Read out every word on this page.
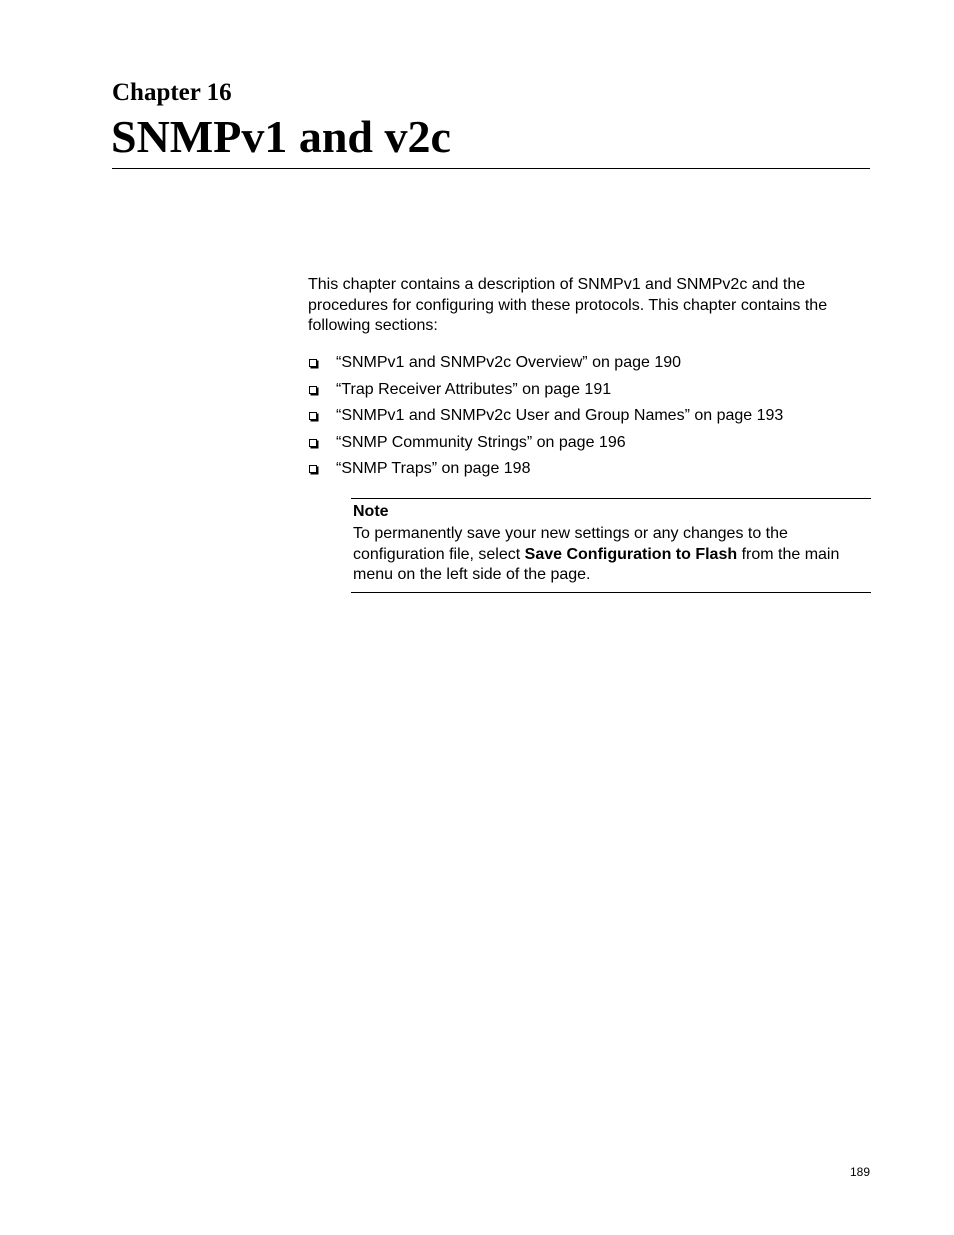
Chapter 16
SNMPv1 and v2c

This chapter contains a description of SNMPv1 and SNMPv2c and the procedures for configuring with these protocols. This chapter contains the following sections:

“SNMPv1 and SNMPv2c Overview” on page 190
“Trap Receiver Attributes” on page 191
“SNMPv1 and SNMPv2c User and Group Names” on page 193
“SNMP Community Strings” on page 196
“SNMP Traps” on page 198

Note

To permanently save your new settings or any changes to the configuration file, select Save Configuration to Flash from the main menu on the left side of the page.

189
